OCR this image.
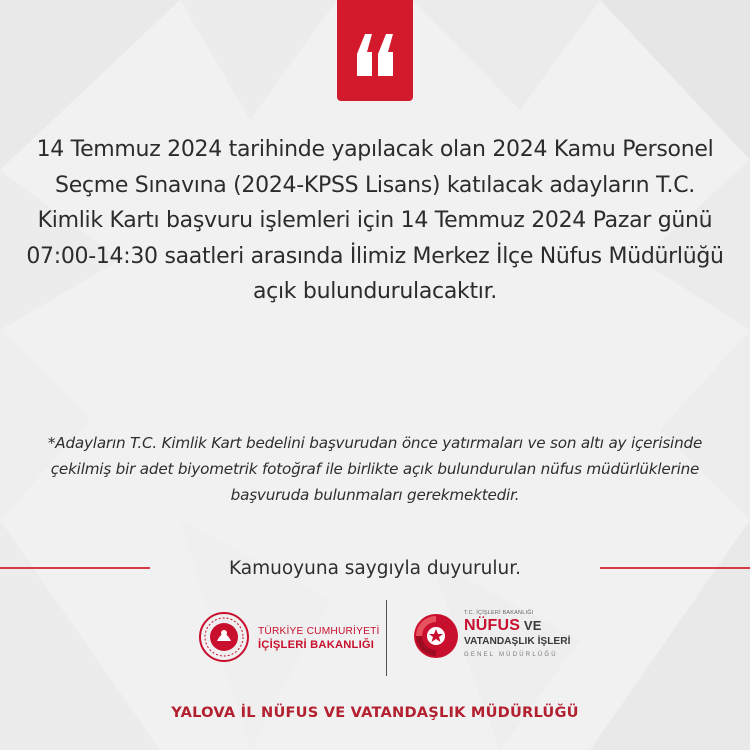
14 Temmuz 2024 tarihinde yapılacak olan 2024 Kamu Personel Seçme Sınavına (2024-KPSS Lisans) katılacak adayların T.C. Kimlik Kartı başvuru işlemleri için 14 Temmuz 2024 Pazar günü 07:00-14:30 saatleri arasında İlimiz Merkez İlçe Nüfus Müdürlüğü açık bulundurulacaktır.

*Adayların T.C. Kimlik Kart bedelini başvurudan önce yatırmaları ve son altı ay içerisinde çekilmiş bir adet biyometrik fotoğraf ile birlikte açık bulundurulan nüfus müdürlüklerine başvuruda bulunmaları gerekmektedir.

Kamuoyuna saygıyla duyurulur.

TÜRKİYE CUMHURİYETİ
İÇİŞLERİ BAKANLIĞI
T.C. İÇİŞLERİ BAKANLIĞI
NÜFUS VE
VATANDAŞLIK İŞLERİ
GENEL MÜDÜRLÜĞÜ

YALOVA İL NÜFUS VE VATANDAŞLIK MÜDÜRLÜĞÜ
